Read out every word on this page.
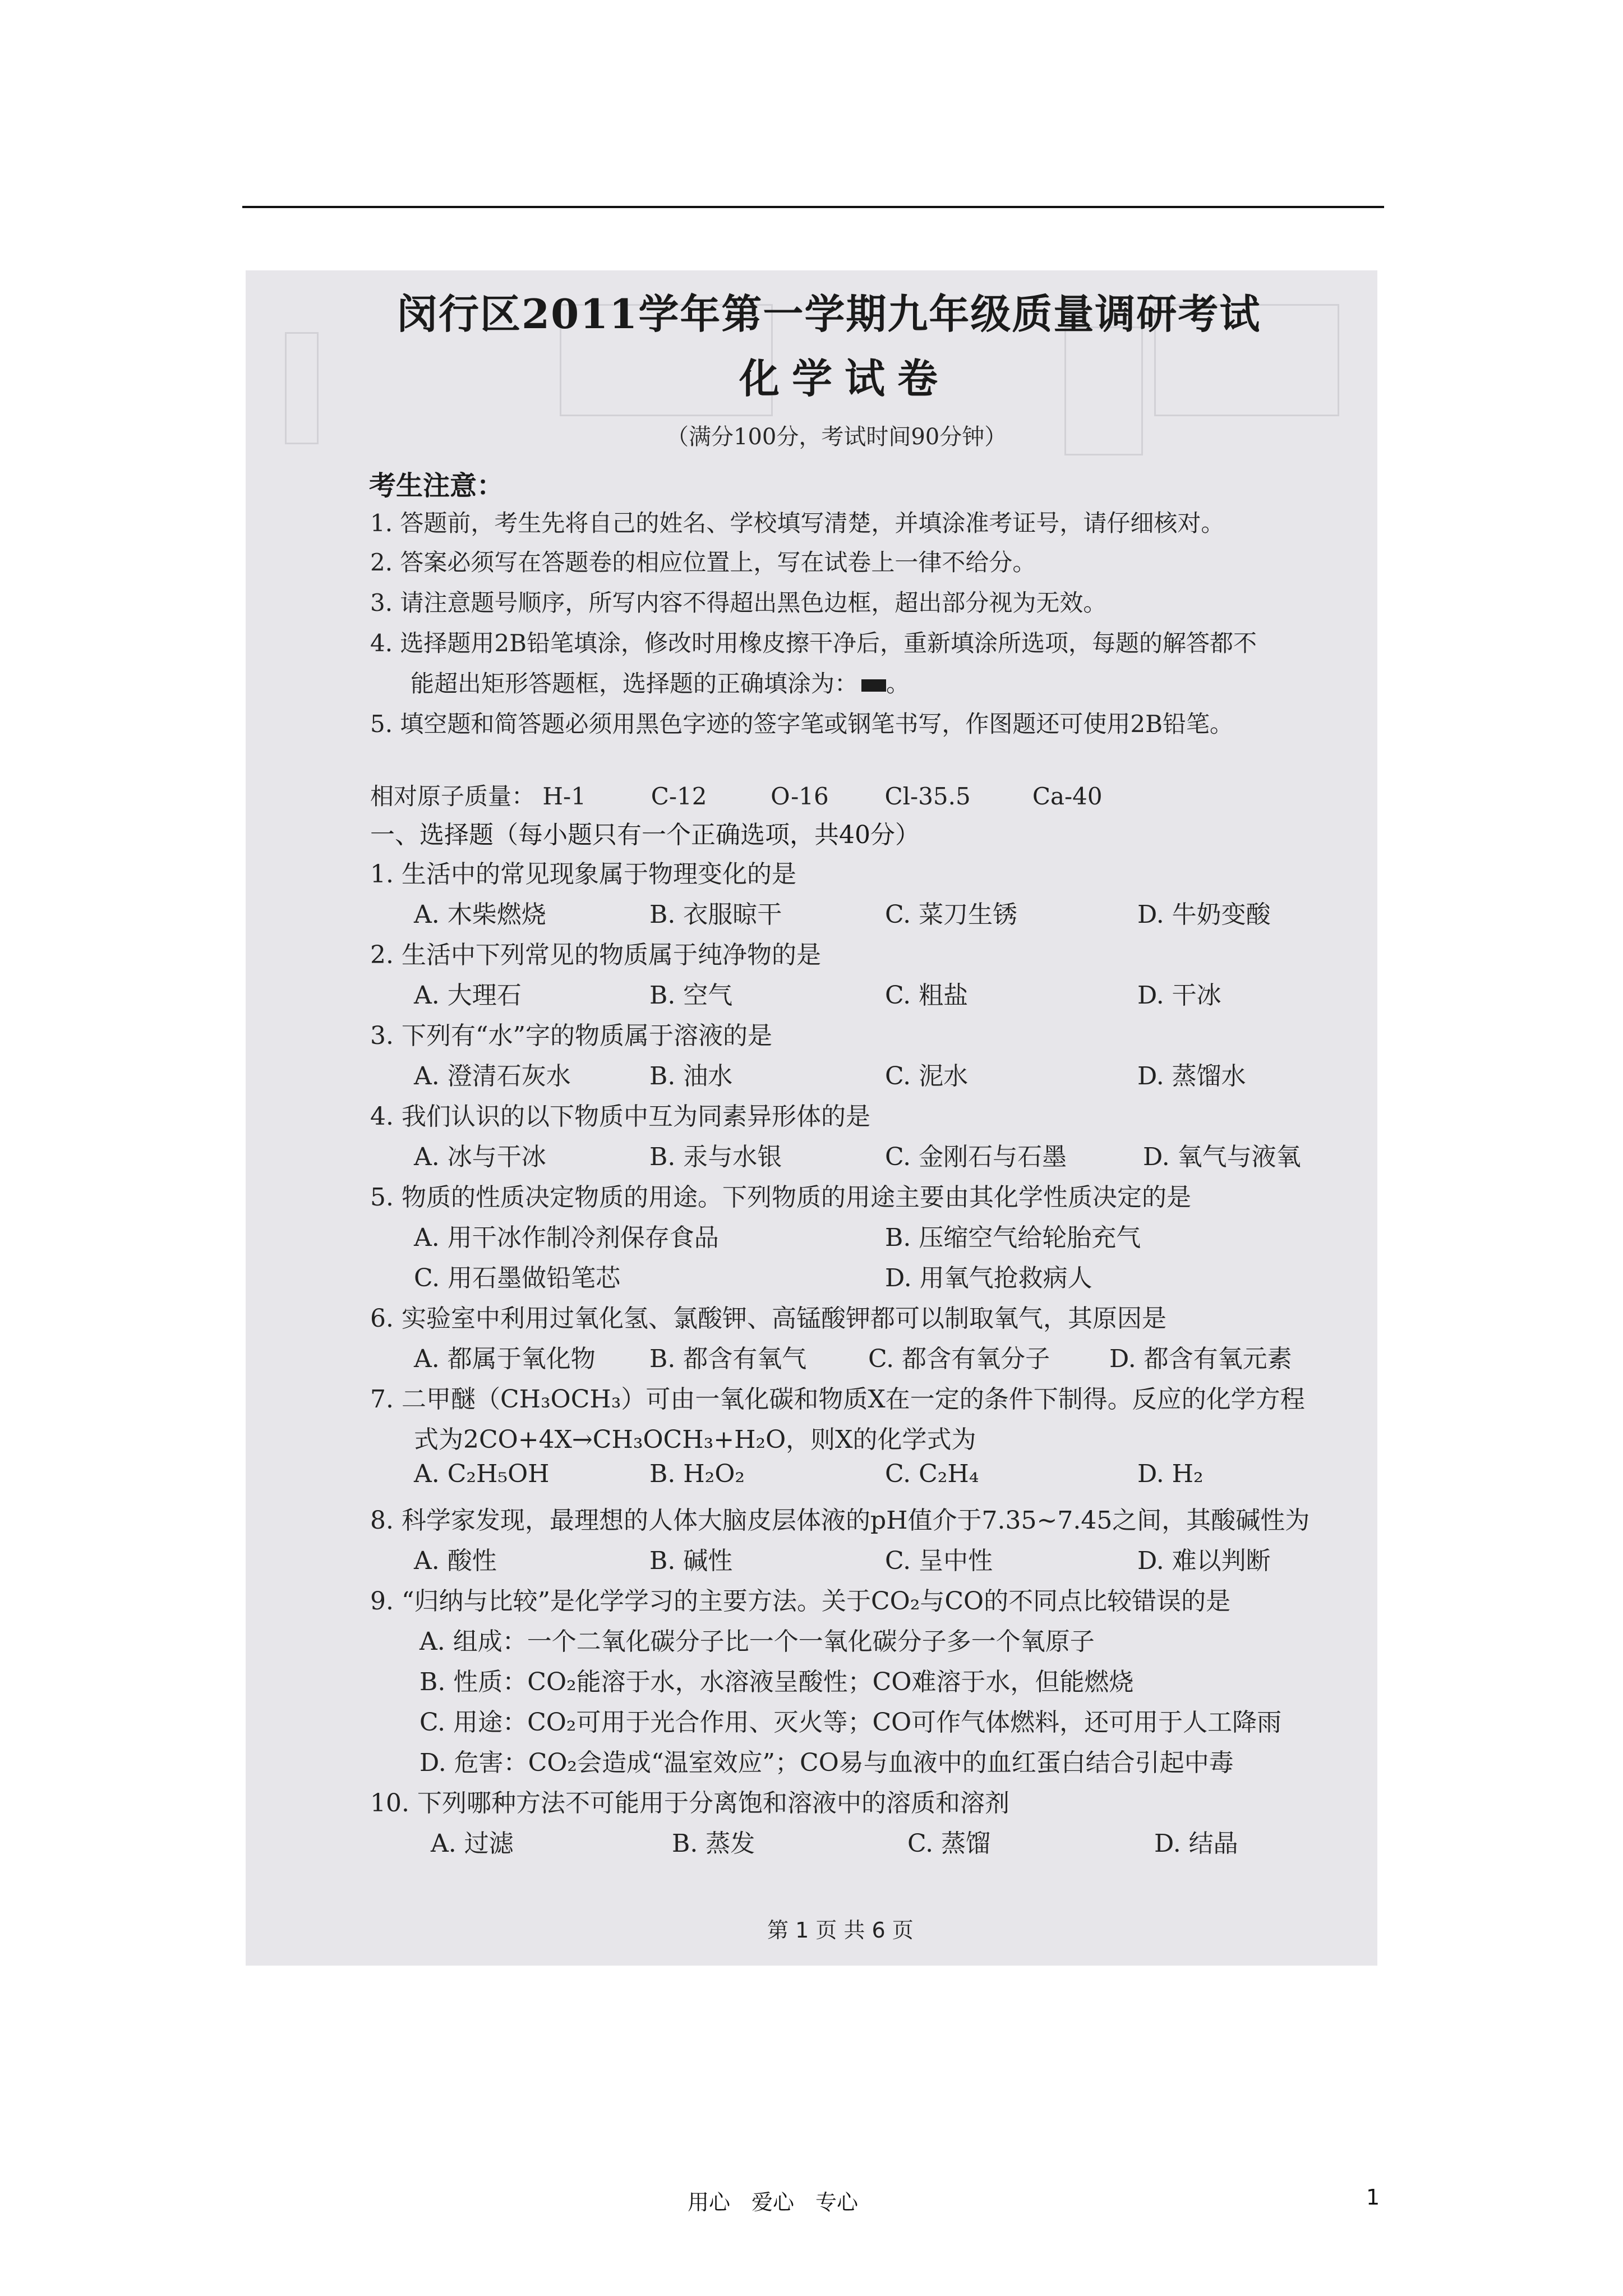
闵行区2011学年第一学期九年级质量调研考试
化学试卷
（满分100分，考试时间90分钟）
考生注意：
1. 答题前，考生先将自己的姓名、学校填写清楚，并填涂准考证号，请仔细核对。
2. 答案必须写在答题卷的相应位置上，写在试卷上一律不给分。
3. 请注意题号顺序，所写内容不得超出黑色边框，超出部分视为无效。
4. 选择题用2B铅笔填涂，修改时用橡皮擦干净后，重新填涂所选项，每题的解答都不
能超出矩形答题框，选择题的正确填涂为： 。
5. 填空题和简答题必须用黑色字迹的签字笔或钢笔书写，作图题还可使用2B铅笔。
相对原子质量： H-1	C-12	O-16 Cl-35.5	Ca-40
一、选择题（每小题只有一个正确选项，共40分）
1. 生活中的常见现象属于物理变化的是
A. 木柴燃烧	B. 衣服晾干	C. 菜刀生锈	D. 牛奶变酸
2. 生活中下列常见的物质属于纯净物的是
A. 大理石	B. 空气	C. 粗盐	D. 干冰
3. 下列有“水”字的物质属于溶液的是
A. 澄清石灰水	B. 油水	C. 泥水	D. 蒸馏水
4. 我们认识的以下物质中互为同素异形体的是
A. 冰与干冰	B. 汞与水银	C. 金刚石与石墨	D. 氧气与液氧
5. 物质的性质决定物质的用途。下列物质的用途主要由其化学性质决定的是
A. 用干冰作制冷剂保存食品	B. 压缩空气给轮胎充气
C. 用石墨做铅笔芯	D. 用氧气抢救病人
6. 实验室中利用过氧化氢、氯酸钾、高锰酸钾都可以制取氧气，其原因是
A. 都属于氧化物 B. 都含有氧气 C. 都含有氧分子 D. 都含有氧元素
7. 二甲醚（CH₃OCH₃）可由一氧化碳和物质X在一定的条件下制得。反应的化学方程
式为2CO+4X→CH₃OCH₃+H₂O，则X的化学式为
A. C₂H₅OH	B. H₂O₂	C. C₂H₄	D. H₂
8. 科学家发现，最理想的人体大脑皮层体液的pH值介于7.35~7.45之间，其酸碱性为
A. 酸性	B. 碱性	C. 呈中性	D. 难以判断
9. “归纳与比较”是化学学习的主要方法。关于CO₂与CO的不同点比较错误的是
A. 组成：一个二氧化碳分子比一个一氧化碳分子多一个氧原子
B. 性质：CO₂能溶于水，水溶液呈酸性；CO难溶于水，但能燃烧
C. 用途：CO₂可用于光合作用、灭火等；CO可作气体燃料，还可用于人工降雨
D. 危害：CO₂会造成“温室效应”；CO易与血液中的血红蛋白结合引起中毒
10. 下列哪种方法不可能用于分离饱和溶液中的溶质和溶剂
A. 过滤	B. 蒸发	C. 蒸馏	D. 结晶
第 1 页 共 6 页
用心　爱心　专心	1
